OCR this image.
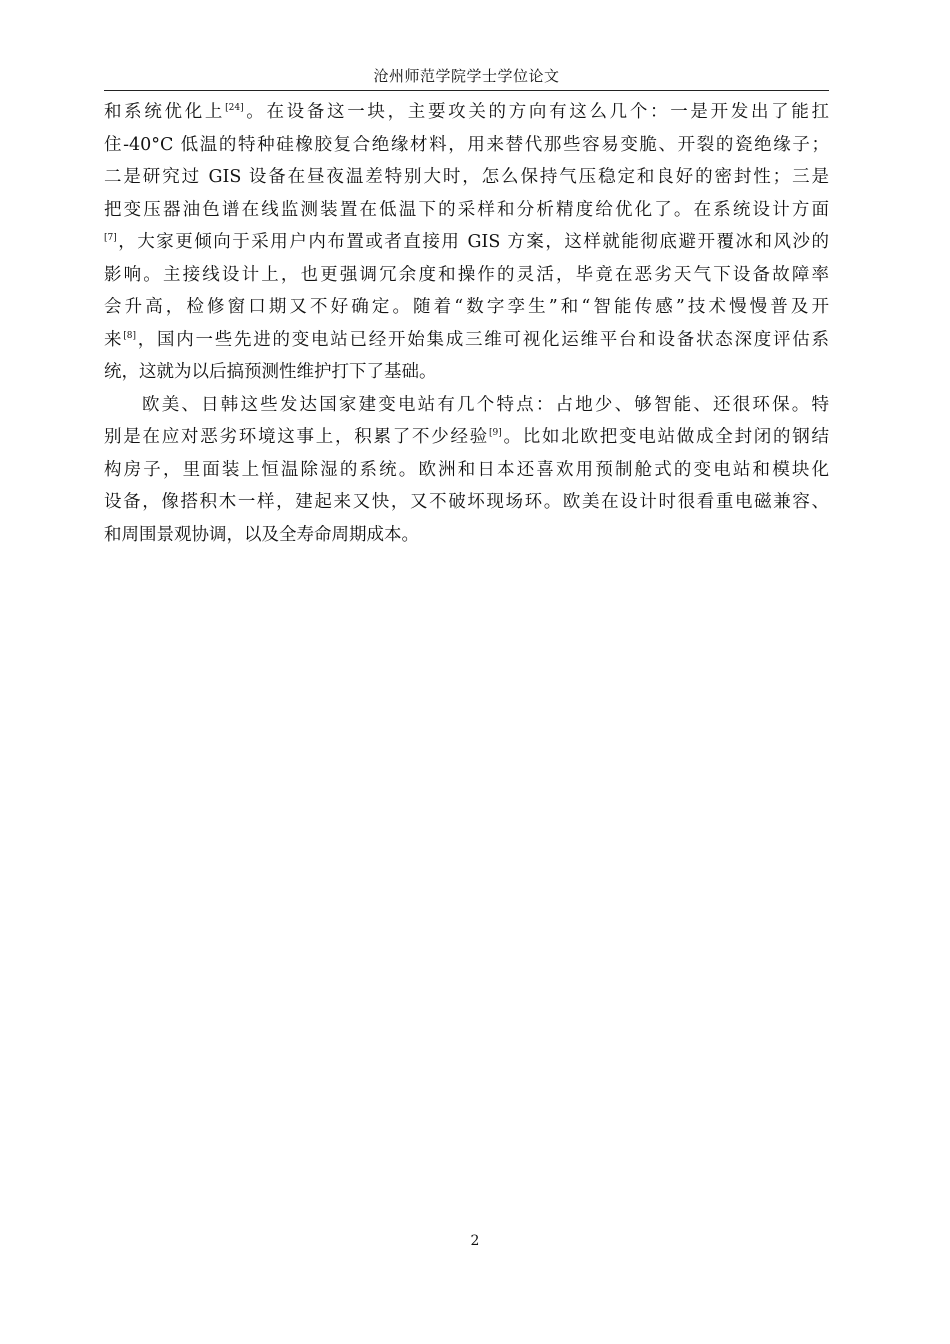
沧州师范学院学士学位论文
和系统优化上[24]。在设备这一块，主要攻关的方向有这么几个：一是开发出了能扛
住-40°C 低温的特种硅橡胶复合绝缘材料，用来替代那些容易变脆、开裂的瓷绝缘子；
二是研究过 GIS 设备在昼夜温差特别大时，怎么保持气压稳定和良好的密封性；三是
把变压器油色谱在线监测装置在低温下的采样和分析精度给优化了。在系统设计方面
[7]，大家更倾向于采用户内布置或者直接用 GIS 方案，这样就能彻底避开覆冰和风沙的
影响。主接线设计上，也更强调冗余度和操作的灵活，毕竟在恶劣天气下设备故障率
会升高，检修窗口期又不好确定。随着“数字孪生”和“智能传感”技术慢慢普及开
来[8]，国内一些先进的变电站已经开始集成三维可视化运维平台和设备状态深度评估系
统，这就为以后搞预测性维护打下了基础。
欧美、日韩这些发达国家建变电站有几个特点：占地少、够智能、还很环保。特
别是在应对恶劣环境这事上，积累了不少经验[9]。比如北欧把变电站做成全封闭的钢结
构房子，里面装上恒温除湿的系统。欧洲和日本还喜欢用预制舱式的变电站和模块化
设备，像搭积木一样，建起来又快，又不破坏现场环。欧美在设计时很看重电磁兼容、
和周围景观协调，以及全寿命周期成本。
2
